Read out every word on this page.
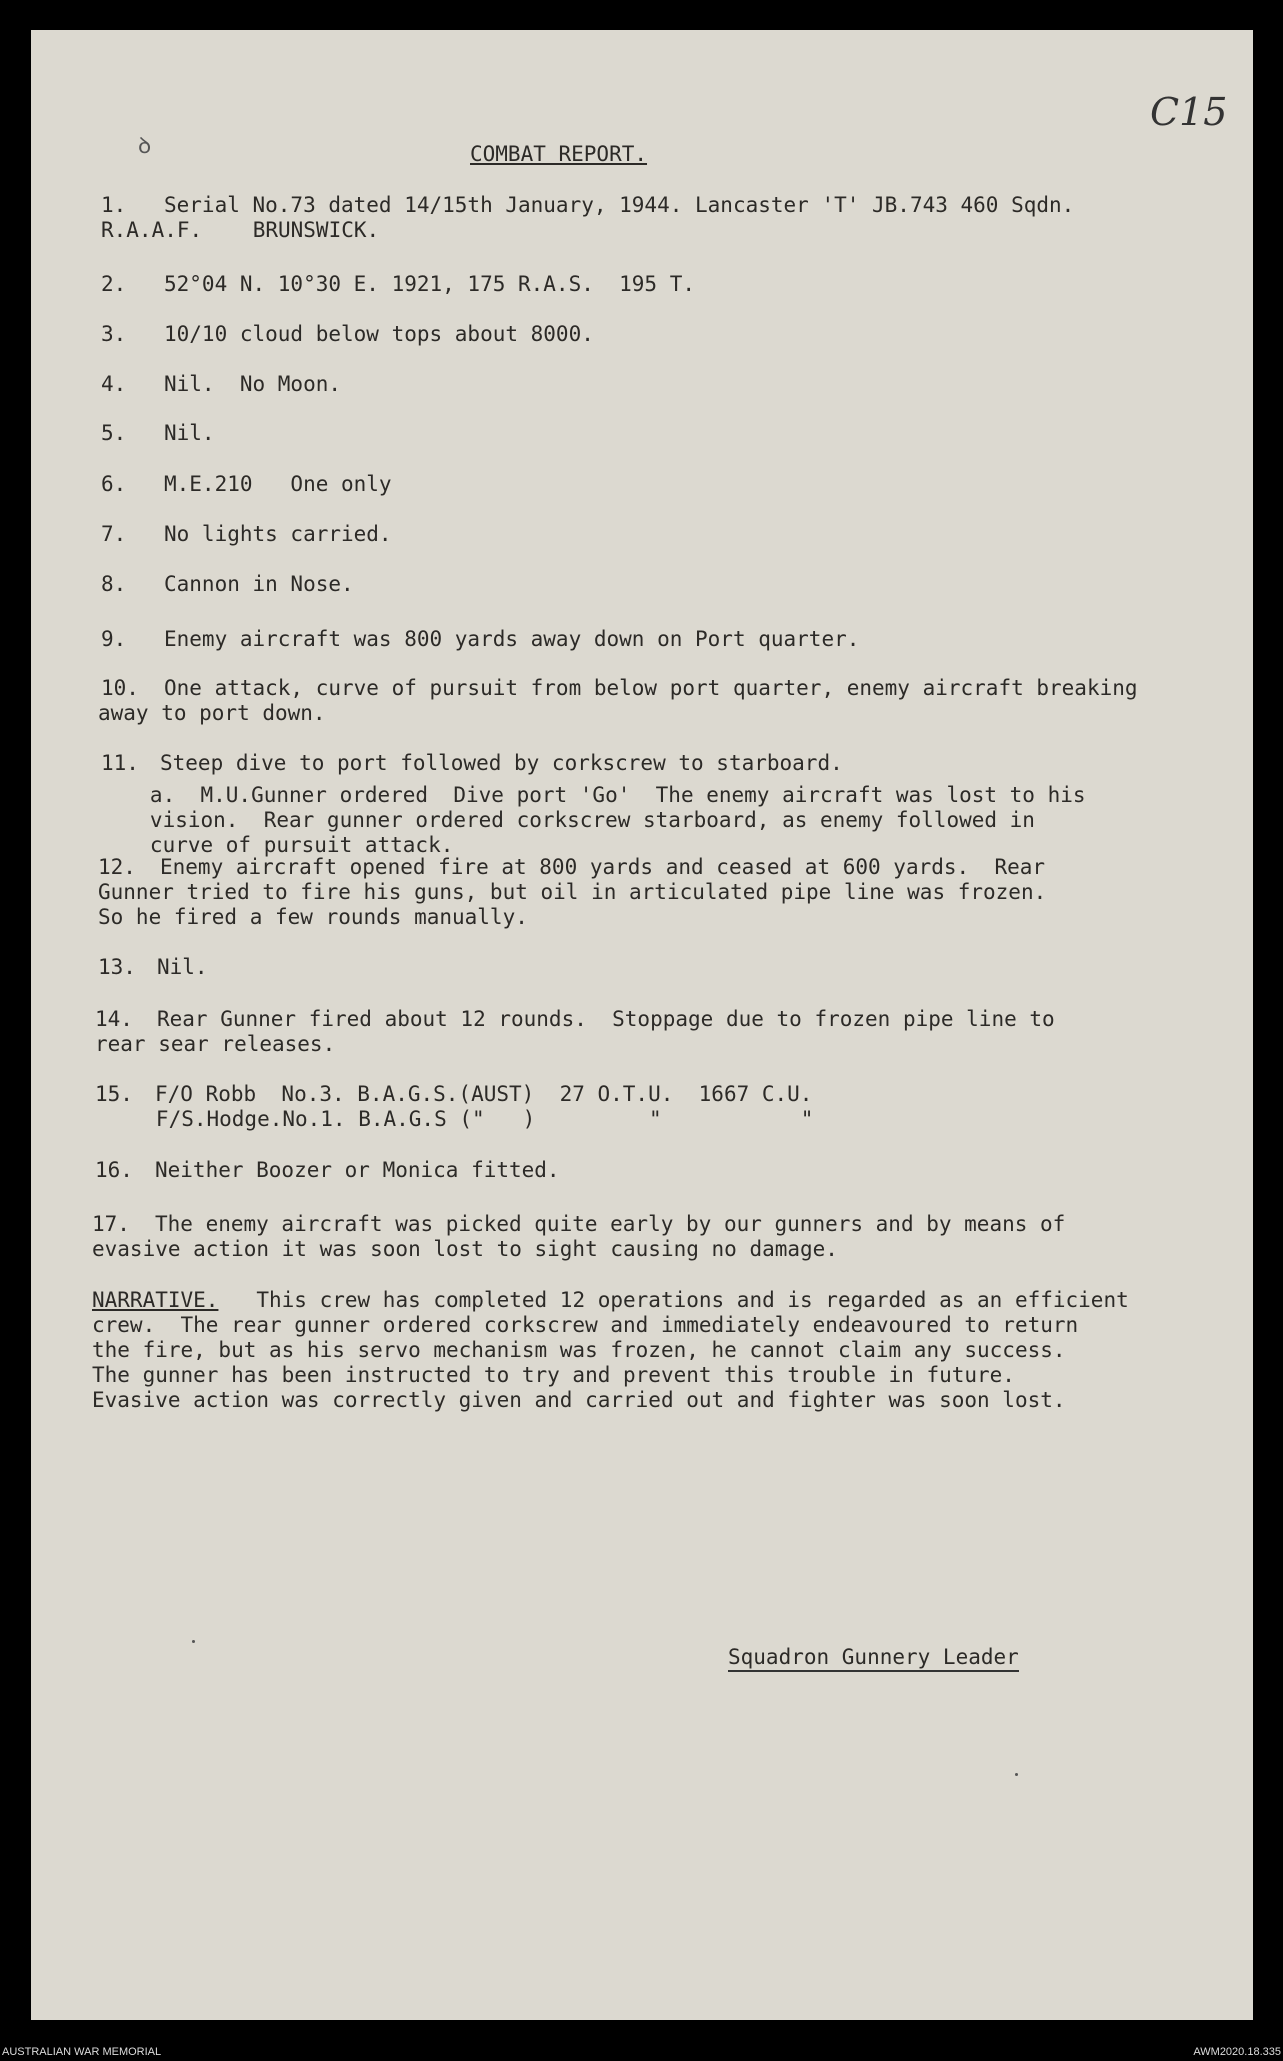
C15
ꝺ	COMBAT REPORT.
1. Serial No.73 dated 14/15th January, 1944. Lancaster 'T' JB.743 460 Sqdn.
R.A.A.F.    BRUNSWICK.
2. 52°04 N. 10°30 E. 1921, 175 R.A.S.  195 T.
3. 10/10 cloud below tops about 8000.
4. Nil.  No Moon.
5. Nil.
6. M.E.210   One only
7. No lights carried.
8. Cannon in Nose.
9. Enemy aircraft was 800 yards away down on Port quarter.
10. One attack, curve of pursuit from below port quarter, enemy aircraft breaking
away to port down.
11. Steep dive to port followed by corkscrew to starboard.
a.  M.U.Gunner ordered  Dive port 'Go'  The enemy aircraft was lost to his
vision.  Rear gunner ordered corkscrew starboard, as enemy followed in
curve of pursuit attack.
12. Enemy aircraft opened fire at 800 yards and ceased at 600 yards.  Rear
Gunner tried to fire his guns, but oil in articulated pipe line was frozen.
So he fired a few rounds manually.
13. Nil.
14. Rear Gunner fired about 12 rounds.  Stoppage due to frozen pipe line to
rear sear releases.
15. F/O Robb  No.3. B.A.G.S.(AUST)  27 O.T.U.  1667 C.U.
F/S.Hodge.No.1. B.A.G.S ("   )         "           "
16. Neither Boozer or Monica fitted.
17. The enemy aircraft was picked quite early by our gunners and by means of
evasive action it was soon lost to sight causing no damage.
NARRATIVE.   This crew has completed 12 operations and is regarded as an efficient
crew.  The rear gunner ordered corkscrew and immediately endeavoured to return
the fire, but as his servo mechanism was frozen, he cannot claim any success.
The gunner has been instructed to try and prevent this trouble in future.
Evasive action was correctly given and carried out and fighter was soon lost.
Squadron Gunnery Leader
AUSTRALIAN WAR MEMORIAL	AWM2020.18.335
